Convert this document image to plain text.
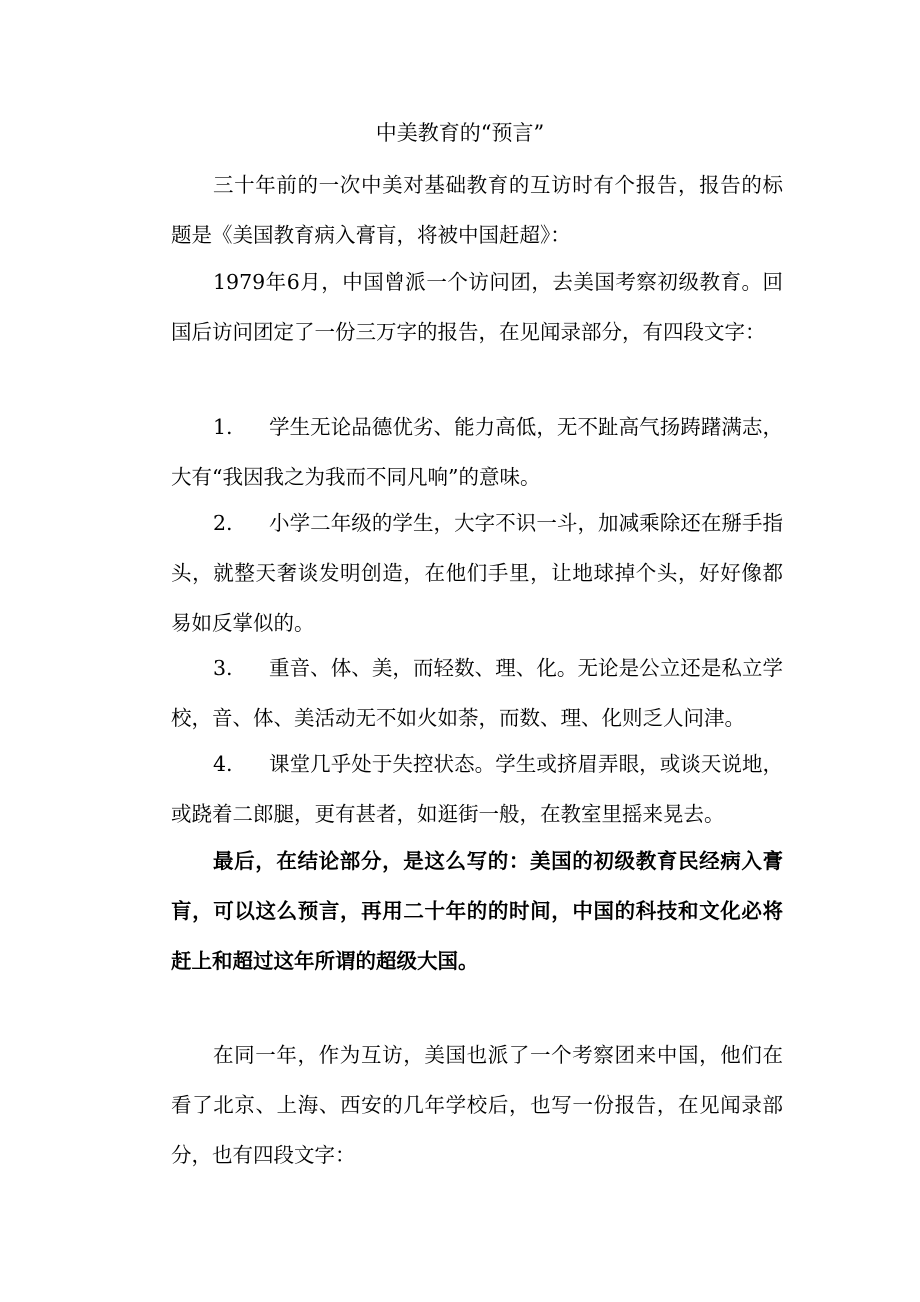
中美教育的“预言”

三十年前的一次中美对基础教育的互访时有个报告，报告的标题是《美国教育病入膏肓，将被中国赶超》：

1979年6月，中国曾派一个访问团，去美国考察初级教育。回国后访问团定了一份三万字的报告，在见闻录部分，有四段文字：

1. 学生无论品德优劣、能力高低，无不趾高气扬踌躇满志，大有“我因我之为我而不同凡响”的意味。

2. 小学二年级的学生，大字不识一斗，加减乘除还在掰手指头，就整天奢谈发明创造，在他们手里，让地球掉个头，好好像都易如反掌似的。

3. 重音、体、美，而轻数、理、化。无论是公立还是私立学校，音、体、美活动无不如火如荼，而数、理、化则乏人问津。

4. 课堂几乎处于失控状态。学生或挤眉弄眼，或谈天说地，或跷着二郎腿，更有甚者，如逛街一般，在教室里摇来晃去。

最后，在结论部分，是这么写的：美国的初级教育民经病入膏肓，可以这么预言，再用二十年的的时间，中国的科技和文化必将赶上和超过这年所谓的超级大国。

在同一年，作为互访，美国也派了一个考察团来中国，他们在看了北京、上海、西安的几年学校后，也写一份报告，在见闻录部分，也有四段文字：
